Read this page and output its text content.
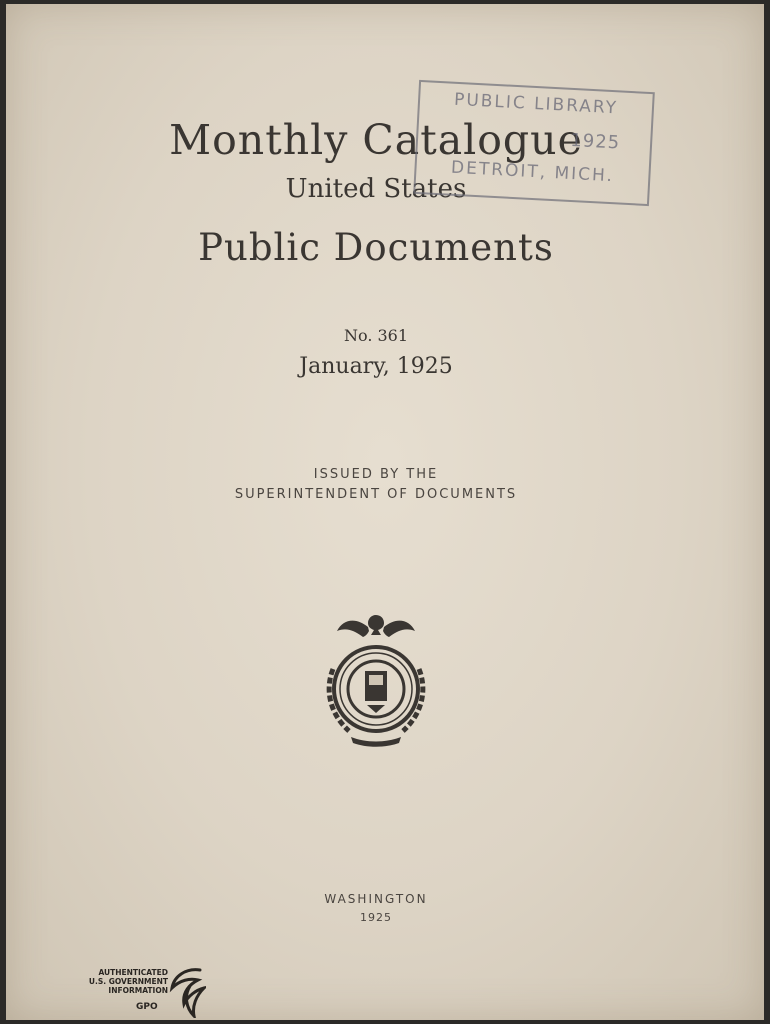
Monthly Catalogue
United States
Public Documents
PUBLIC LIBRARY
1925
DETROIT, MICH.
No. 361
January, 1925
ISSUED BY THE
SUPERINTENDENT OF DOCUMENTS
WASHINGTON
1925
AUTHENTICATED
U.S. GOVERNMENT
INFORMATION
GPO
